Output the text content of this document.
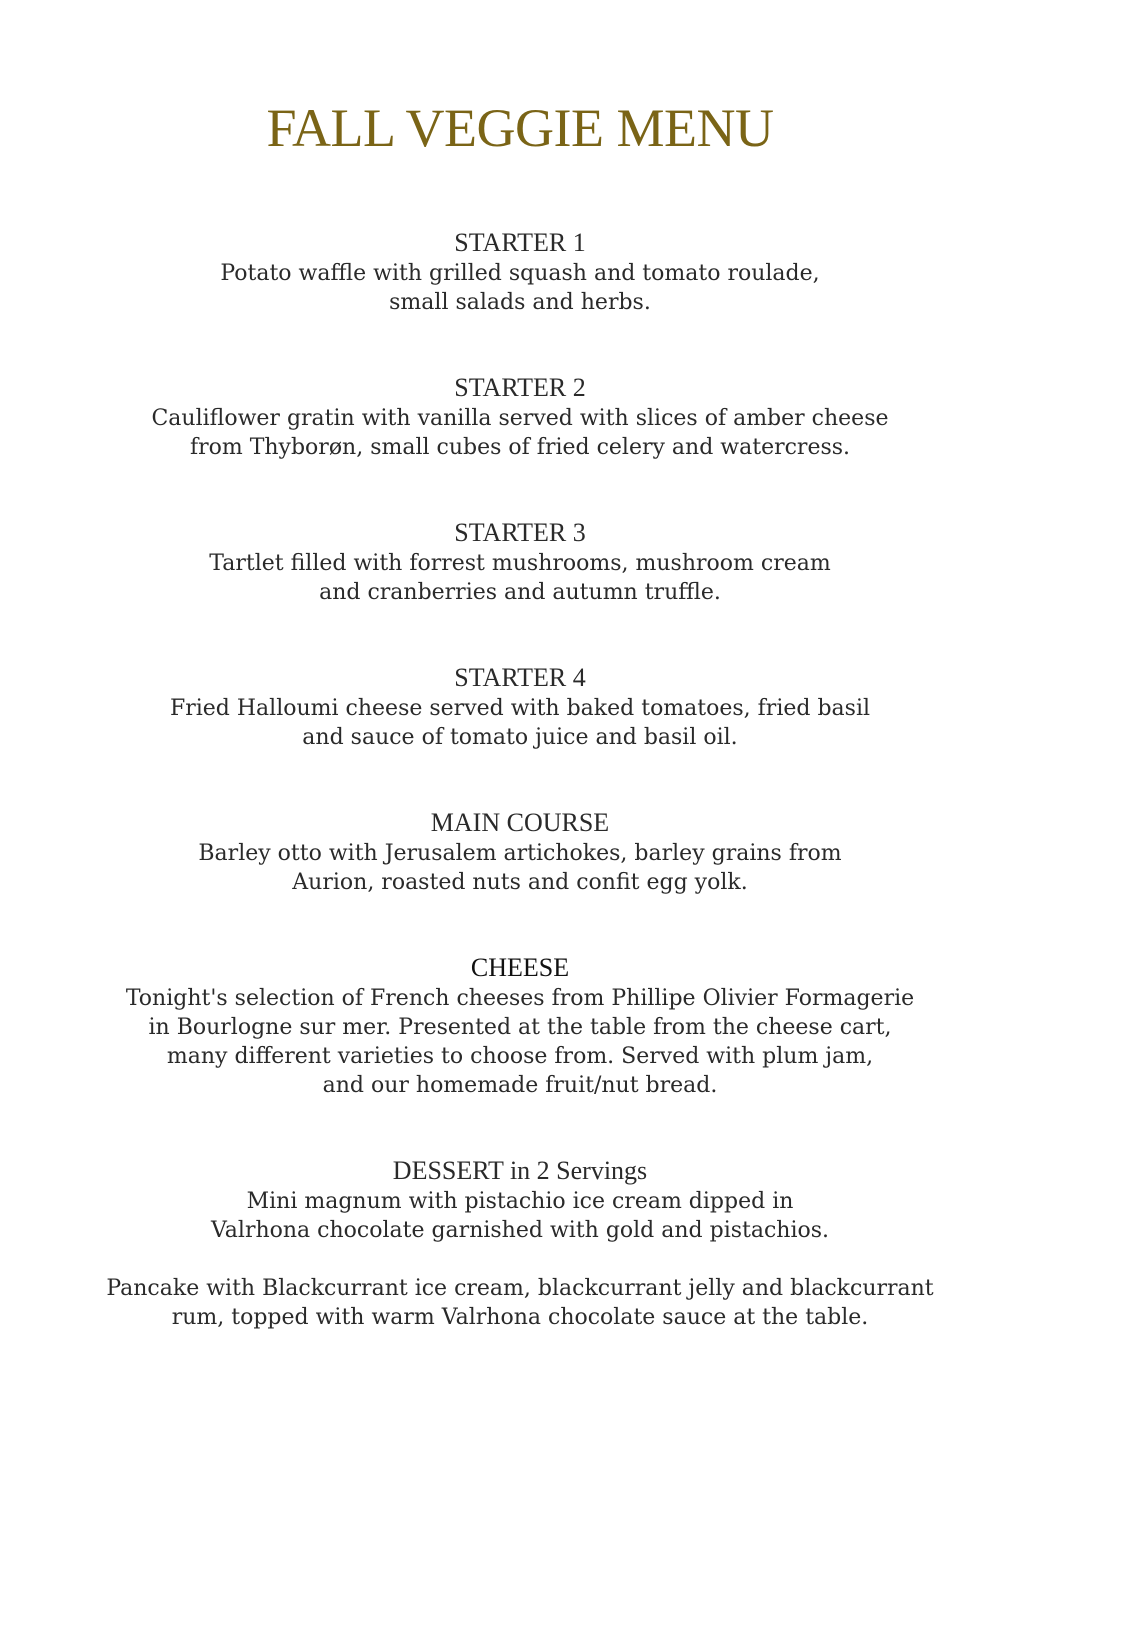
FALL VEGGIE MENU
STARTER 1

Potato waffle with grilled squash and tomato roulade,

small salads and herbs.

STARTER 2

Cauliflower gratin with vanilla served with slices of amber cheese

from Thyborøn, small cubes of fried celery and watercress.

STARTER 3

Tartlet filled with forrest mushrooms, mushroom cream

and cranberries and autumn truffle.

STARTER 4

Fried Halloumi cheese served with baked tomatoes, fried basil

and sauce of tomato juice and basil oil.

MAIN COURSE

Barley otto with Jerusalem artichokes, barley grains from

Aurion, roasted nuts and confit egg yolk.

CHEESE

Tonight's selection of French cheeses from Phillipe Olivier Formagerie

in Bourlogne sur mer. Presented at the table from the cheese cart,

many different varieties to choose from. Served with plum jam,

and our homemade fruit/nut bread.

DESSERT in 2 Servings

Mini magnum with pistachio ice cream dipped in

Valrhona chocolate garnished with gold and pistachios.

Pancake with Blackcurrant ice cream, blackcurrant jelly and blackcurrant

rum, topped with warm Valrhona chocolate sauce at the table.
